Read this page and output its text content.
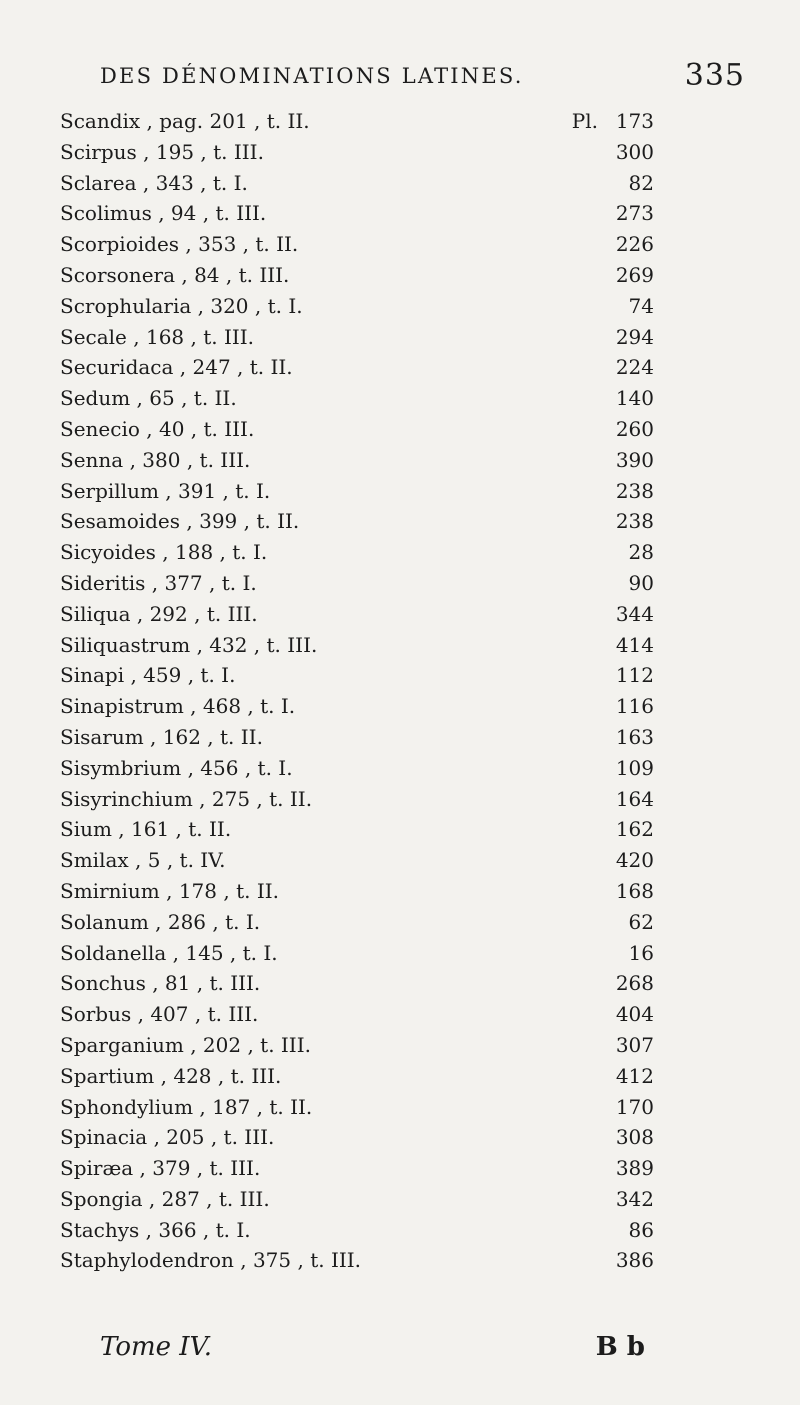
DES DÉNOMINATIONS LATINES.	335
Scandix , pag. 201 , t. II.	Pl. 173
Scirpus , 195 , t. III.	300
Sclarea , 343 , t. I.	82
Scolimus , 94 , t. III.	273
Scorpioides , 353 , t. II.	226
Scorsonera , 84 , t. III.	269
Scrophularia , 320 , t. I.	74
Secale , 168 , t. III.	294
Securidaca , 247 , t. II.	224
Sedum , 65 , t. II.	140
Senecio , 40 , t. III.	260
Senna , 380 , t. III.	390
Serpillum , 391 , t. I.	238
Sesamoides , 399 , t. II.	238
Sicyoides , 188 , t. I.	28
Sideritis , 377 , t. I.	90
Siliqua , 292 , t. III.	344
Siliquastrum , 432 , t. III.	414
Sinapi , 459 , t. I.	112
Sinapistrum , 468 , t. I.	116
Sisarum , 162 , t. II.	163
Sisymbrium , 456 , t. I.	109
Sisyrinchium , 275 , t. II.	164
Sium , 161 , t. II.	162
Smilax , 5 , t. IV.	420
Smirnium , 178 , t. II.	168
Solanum , 286 , t. I.	62
Soldanella , 145 , t. I.	16
Sonchus , 81 , t. III.	268
Sorbus , 407 , t. III.	404
Sparganium , 202 , t. III.	307
Spartium , 428 , t. III.	412
Sphondylium , 187 , t. II.	170
Spinacia , 205 , t. III.	308
Spiræa , 379 , t. III.	389
Spongia , 287 , t. III.	342
Stachys , 366 , t. I.	86
Staphylodendron , 375 , t. III.	386
Tome IV.	B b
